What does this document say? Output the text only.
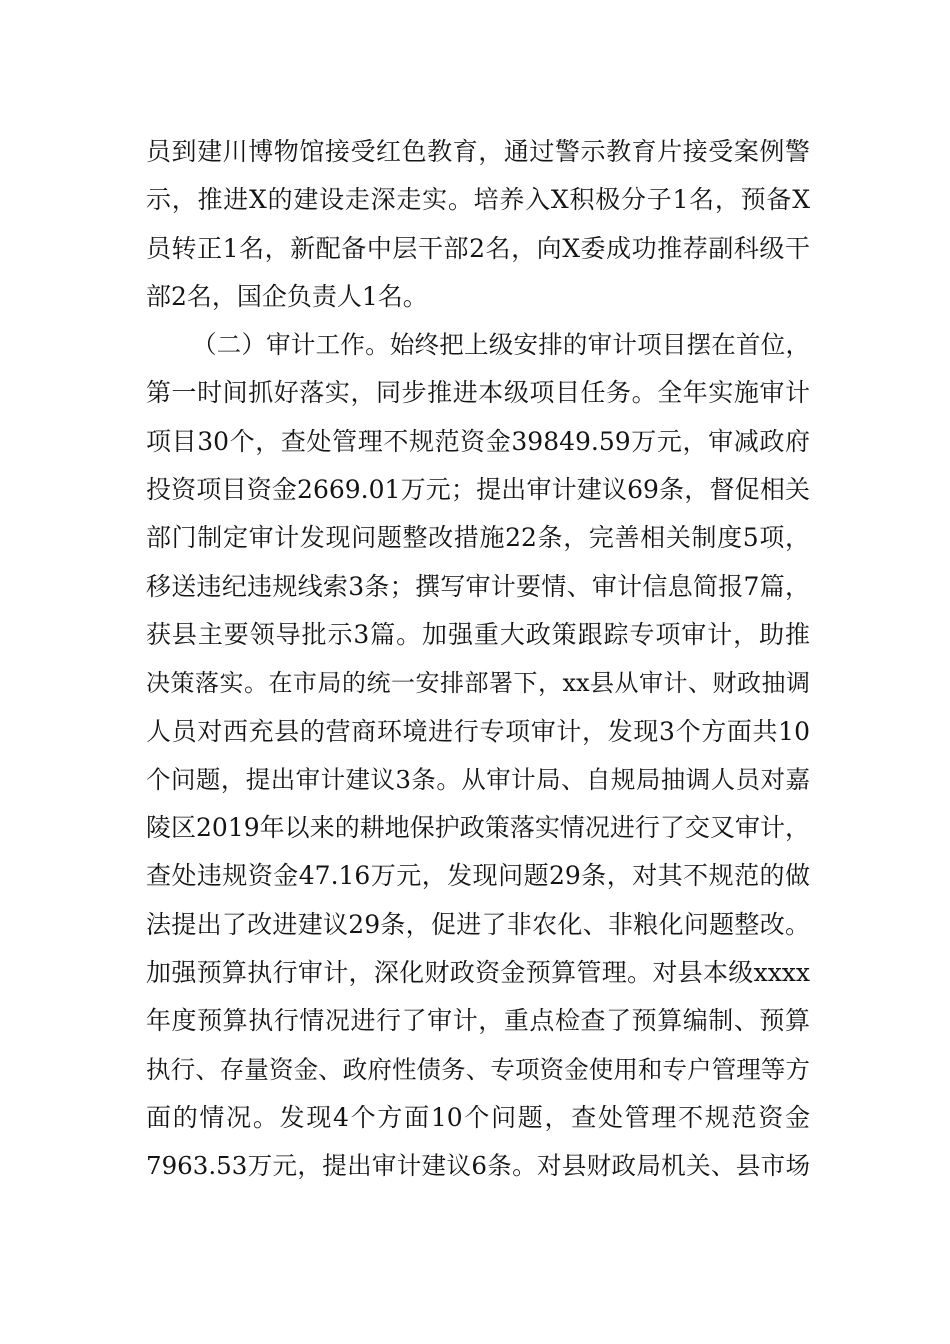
员到建川博物馆接受红色教育，通过警示教育片接受案例警
示，推进X的建设走深走实。培养入X积极分子1名，预备X
员转正1名，新配备中层干部2名，向X委成功推荐副科级干
部2名，国企负责人1名。
（二）审计工作。始终把上级安排的审计项目摆在首位，
第一时间抓好落实，同步推进本级项目任务。全年实施审计
项目30个，查处管理不规范资金39849.59万元，审减政府
投资项目资金2669.01万元；提出审计建议69条，督促相关
部门制定审计发现问题整改措施22条，完善相关制度5项，
移送违纪违规线索3条；撰写审计要情、审计信息简报7篇，
获县主要领导批示3篇。加强重大政策跟踪专项审计，助推
决策落实。在市局的统一安排部署下，xx县从审计、财政抽调
人员对西充县的营商环境进行专项审计，发现3个方面共10
个问题，提出审计建议3条。从审计局、自规局抽调人员对嘉
陵区2019年以来的耕地保护政策落实情况进行了交叉审计，
查处违规资金47.16万元，发现问题29条，对其不规范的做
法提出了改进建议29条，促进了非农化、非粮化问题整改。
加强预算执行审计，深化财政资金预算管理。对县本级xxxx
年度预算执行情况进行了审计，重点检查了预算编制、预算
执行、存量资金、政府性债务、专项资金使用和专户管理等方
面的情况。发现4个方面10个问题，查处管理不规范资金
7963.53万元，提出审计建议6条。对县财政局机关、县市场
